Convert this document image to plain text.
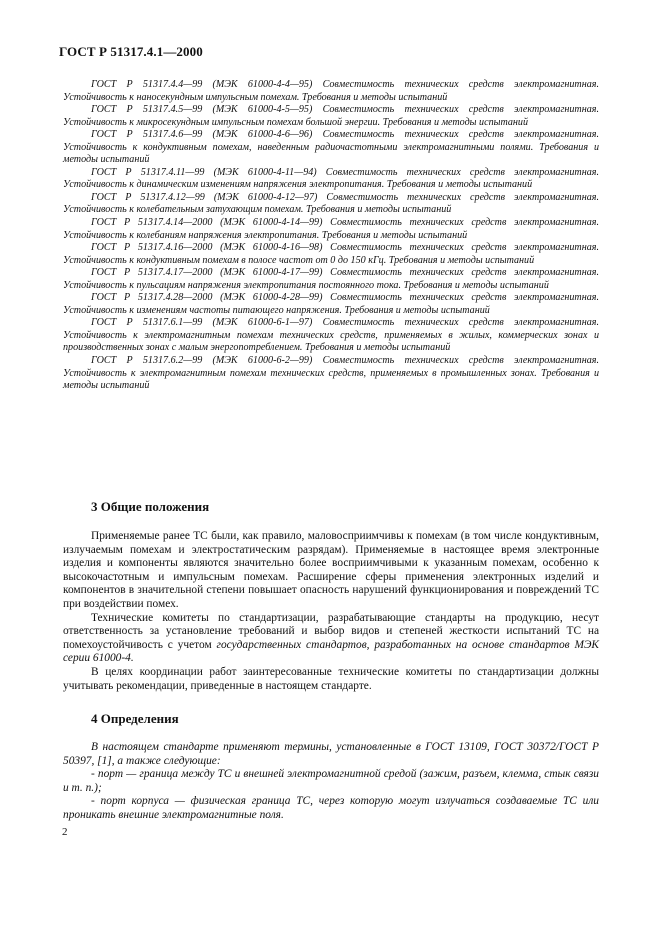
ГОСТ Р 51317.4.1—2000

ГОСТ Р 51317.4.4—99 (МЭК 61000-4-4—95) Совместимость технических средств электромагнитная. Устойчивость к наносекундным импульсным помехам. Требования и методы испытаний

ГОСТ Р 51317.4.5—99 (МЭК 61000-4-5—95) Совместимость технических средств электромагнитная. Устойчивость к микросекундным импульсным помехам большой энергии. Требования и методы испытаний

ГОСТ Р 51317.4.6—99 (МЭК 61000-4-6—96) Совместимость технических средств электромагнитная. Устойчивость к кондуктивным помехам, наведенным радиочастотными электромагнитными полями. Требования и методы испытаний

ГОСТ Р 51317.4.11—99 (МЭК 61000-4-11—94) Совместимость технических средств электромагнитная. Устойчивость к динамическим изменениям напряжения электропитания. Требования и методы испытаний

ГОСТ Р 51317.4.12—99 (МЭК 61000-4-12—97) Совместимость технических средств электромагнитная. Устойчивость к колебательным затухающим помехам. Требования и методы испытаний

ГОСТ Р 51317.4.14—2000 (МЭК 61000-4-14—99) Совместимость технических средств электромагнитная. Устойчивость к колебаниям напряжения электропитания. Требования и методы испытаний

ГОСТ Р 51317.4.16—2000 (МЭК 61000-4-16—98) Совместимость технических средств электромагнитная. Устойчивость к кондуктивным помехам в полосе частот от 0 до 150 кГц. Требования и методы испытаний

ГОСТ Р 51317.4.17—2000 (МЭК 61000-4-17—99) Совместимость технических средств электромагнитная. Устойчивость к пульсациям напряжения электропитания постоянного тока. Требования и методы испытаний

ГОСТ Р 51317.4.28—2000 (МЭК 61000-4-28—99) Совместимость технических средств электромагнитная. Устойчивость к изменениям частоты питающего напряжения. Требования и методы испытаний

ГОСТ Р 51317.6.1—99 (МЭК 61000-6-1—97) Совместимость технических средств электромагнитная. Устойчивость к электромагнитным помехам технических средств, применяемых в жилых, коммерческих зонах и производственных зонах с малым энергопотреблением. Требования и методы испытаний

ГОСТ Р 51317.6.2—99 (МЭК 61000-6-2—99) Совместимость технических средств электромагнитная. Устойчивость к электромагнитным помехам технических средств, применяемых в промышленных зонах. Требования и методы испытаний

3 Общие положения

Применяемые ранее ТС были, как правило, маловосприимчивы к помехам (в том числе кондуктивным, излучаемым помехам и электростатическим разрядам). Применяемые в настоящее время электронные изделия и компоненты являются значительно более восприимчивыми к указанным помехам, особенно к высокочастотным и импульсным помехам. Расширение сферы применения электронных изделий и компонентов в значительной степени повышает опасность нарушений функционирования и повреждений ТС при воздействии помех.

Технические комитеты по стандартизации, разрабатывающие стандарты на продукцию, несут ответственность за установление требований и выбор видов и степеней жесткости испытаний ТС на помехоустойчивость с учетом государственных стандартов, разработанных на основе стандартов МЭК серии 61000-4.

В целях координации работ заинтересованные технические комитеты по стандартизации должны учитывать рекомендации, приведенные в настоящем стандарте.

4 Определения

В настоящем стандарте применяют термины, установленные в ГОСТ 13109, ГОСТ 30372/ГОСТ Р 50397, [1], а также следующие:

- порт — граница между ТС и внешней электромагнитной средой (зажим, разъем, клемма, стык связи и т. п.);

- порт корпуса — физическая граница ТС, через которую могут излучаться создаваемые ТС или проникать внешние электромагнитные поля.

2
